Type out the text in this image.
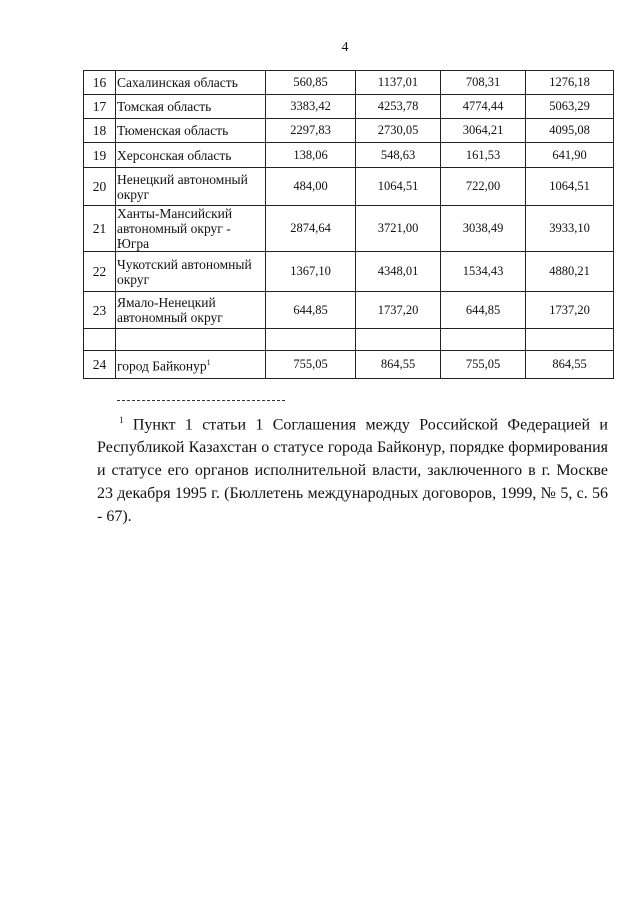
4
16	Сахалинская область	560,85	1137,01	708,31	1276,18
17	Томская область	3383,42	4253,78	4774,44	5063,29
18	Тюменская область	2297,83	2730,05	3064,21	4095,08
19	Херсонская область	138,06	548,63	161,53	641,90
20	Ненецкий автономный округ	484,00	1064,51	722,00	1064,51
21	Ханты-Мансийский автономный округ - Югра	2874,64	3721,00	3038,49	3933,10
22	Чукотский автономный округ	1367,10	4348,01	1534,43	4880,21
23	Ямало-Ненецкий автономный округ	644,85	1737,20	644,85	1737,20

24	город Байконур$^1$	755,05	864,55	755,05	864,55
$^1$ Пункт 1 статьи 1 Соглашения между Российской Федерацией и Республикой Казахстан о статусе города Байконур, порядке формирования и статусе его органов исполнительной власти, заключенного в г. Москве 23 декабря 1995 г. (Бюллетень международных договоров, 1999, № 5, с. 56 - 67).
